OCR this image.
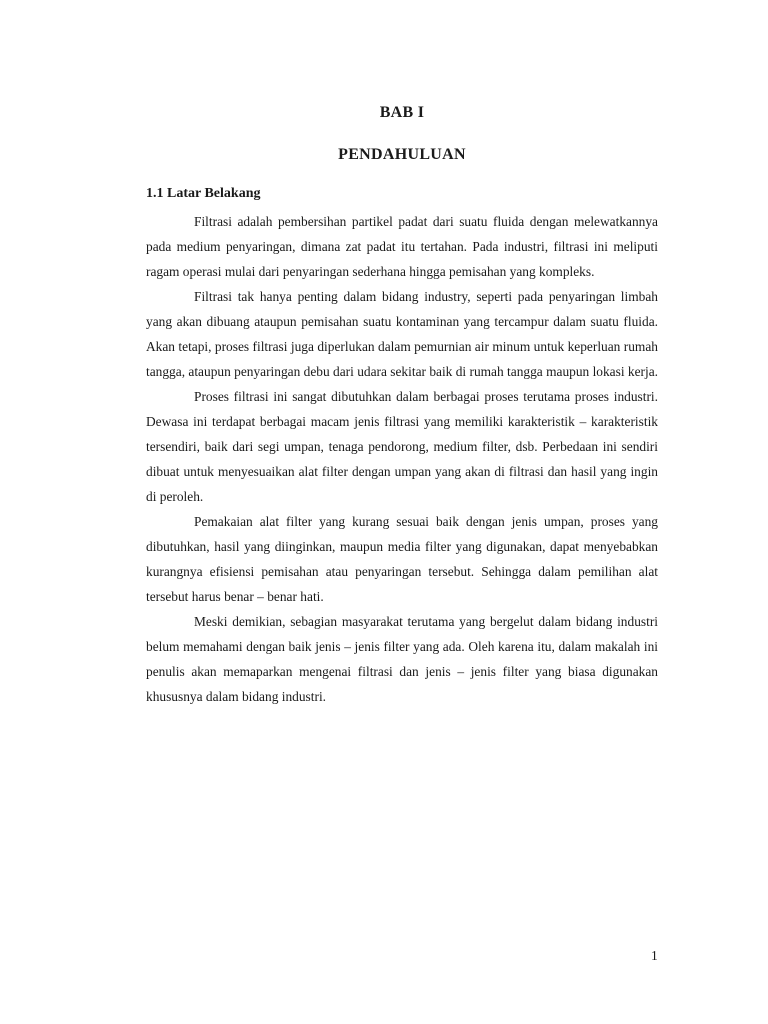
BAB I
PENDAHULUAN
1.1 Latar Belakang

Filtrasi adalah pembersihan partikel padat dari suatu fluida dengan melewatkannya pada medium penyaringan, dimana zat padat itu tertahan. Pada industri, filtrasi ini meliputi ragam operasi mulai dari penyaringan sederhana hingga pemisahan yang kompleks.

Filtrasi tak hanya penting dalam bidang industry, seperti pada penyaringan limbah yang akan dibuang ataupun pemisahan suatu kontaminan yang tercampur dalam suatu fluida. Akan tetapi, proses filtrasi juga diperlukan dalam pemurnian air minum untuk keperluan rumah tangga, ataupun penyaringan debu dari udara sekitar baik di rumah tangga maupun lokasi kerja.

Proses filtrasi ini sangat dibutuhkan dalam berbagai proses terutama proses industri. Dewasa ini terdapat berbagai macam jenis filtrasi yang memiliki karakteristik – karakteristik tersendiri, baik dari segi umpan, tenaga pendorong, medium filter, dsb. Perbedaan ini sendiri dibuat untuk menyesuaikan alat filter dengan umpan yang akan di filtrasi dan hasil yang ingin di peroleh.

Pemakaian alat filter yang kurang sesuai baik dengan jenis umpan, proses yang dibutuhkan, hasil yang diinginkan, maupun media filter yang digunakan, dapat menyebabkan kurangnya efisiensi pemisahan atau penyaringan tersebut. Sehingga dalam pemilihan alat tersebut harus benar – benar hati.

Meski demikian, sebagian masyarakat terutama yang bergelut dalam bidang industri belum memahami dengan baik jenis – jenis filter yang ada. Oleh karena itu, dalam makalah ini penulis akan memaparkan mengenai filtrasi dan jenis – jenis filter yang biasa digunakan khususnya dalam bidang industri.

1
